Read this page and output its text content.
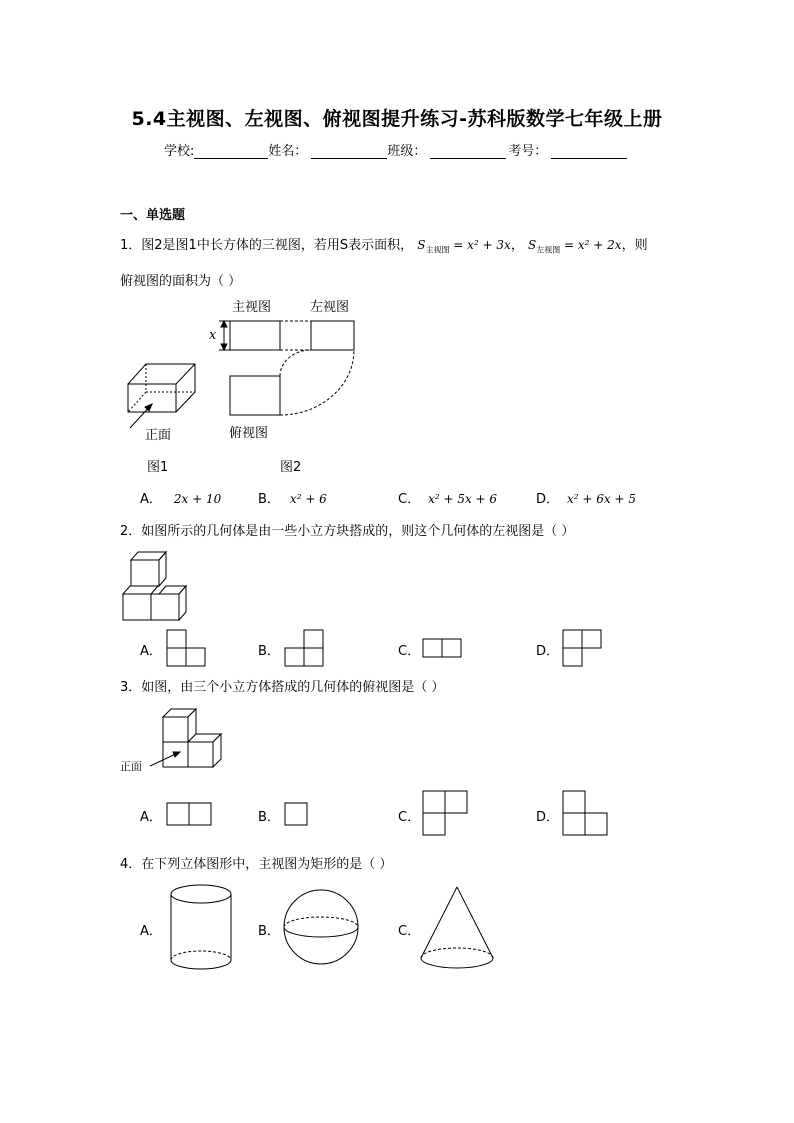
5.4主视图、左视图、俯视图提升练习-苏科版数学七年级上册
学校:	姓名：	班级：	考号：
一、单选题
1．图2是图1中长方体的三视图，若用S表示面积， $S_{主视图} = x^2 + 3x$， $S_{左视图} = x^2 + 2x$，则
俯视图的面积为（ ）
主视图	左视图
x
俯视图
正面
图1	图2
A． 2x + 10	B． x² + 6	C． x² + 5x + 6	D． x² + 6x + 5
2．如图所示的几何体是由一些小立方块搭成的，则这个几何体的左视图是（ ）
A．	B．	C．	D．
3．如图，由三个小立方体搭成的几何体的俯视图是（ ）
正面
A．	B．	C．	D．
4．在下列立体图形中，主视图为矩形的是（ ）
A．	B．	C．
